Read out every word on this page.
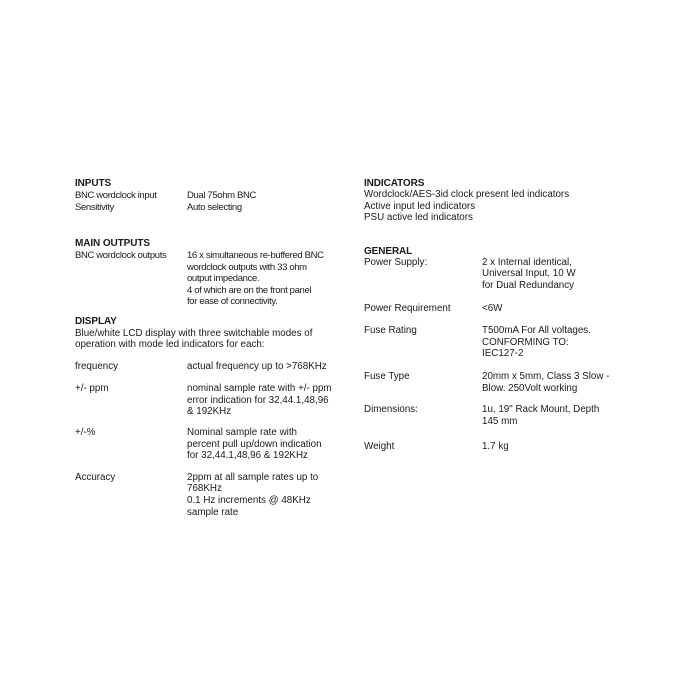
INPUTS
BNC wordclock input	Dual 75ohm BNC
Sensitivity	Auto selecting
MAIN OUTPUTS
BNC wordclock outputs	16 x simultaneous re-buffered BNC
wordclock outputs with 33 ohm
output impedance.
4 of which are on the front panel
for ease of connectivity.
DISPLAY
Blue/white LCD display with three switchable modes of
operation with mode led indicators for each:
frequency	actual frequency up to >768KHz
+/- ppm	nominal sample rate with +/- ppm
error indication for 32,44.1,48,96
& 192KHz
+/-%	Nominal sample rate with
percent pull up/down indication
for 32,44.1,48,96 & 192KHz
Accuracy	2ppm at all sample rates up to
768KHz
0.1 Hz increments @ 48KHz
sample rate
INDICATORS
Wordclock/AES-3id clock present led indicators
Active input led indicators
PSU active led indicators
GENERAL
Power Supply:	2 x Internal identical,
Universal Input, 10 W
for Dual Redundancy
Power Requirement	<6W
Fuse Rating	T500mA For All voltages.
CONFORMING TO:
IEC127-2
Fuse Type	20mm x 5mm, Class 3 Slow -
Blow. 250Volt working
Dimensions:	1u, 19" Rack Mount, Depth
145 mm
Weight	1.7 kg
